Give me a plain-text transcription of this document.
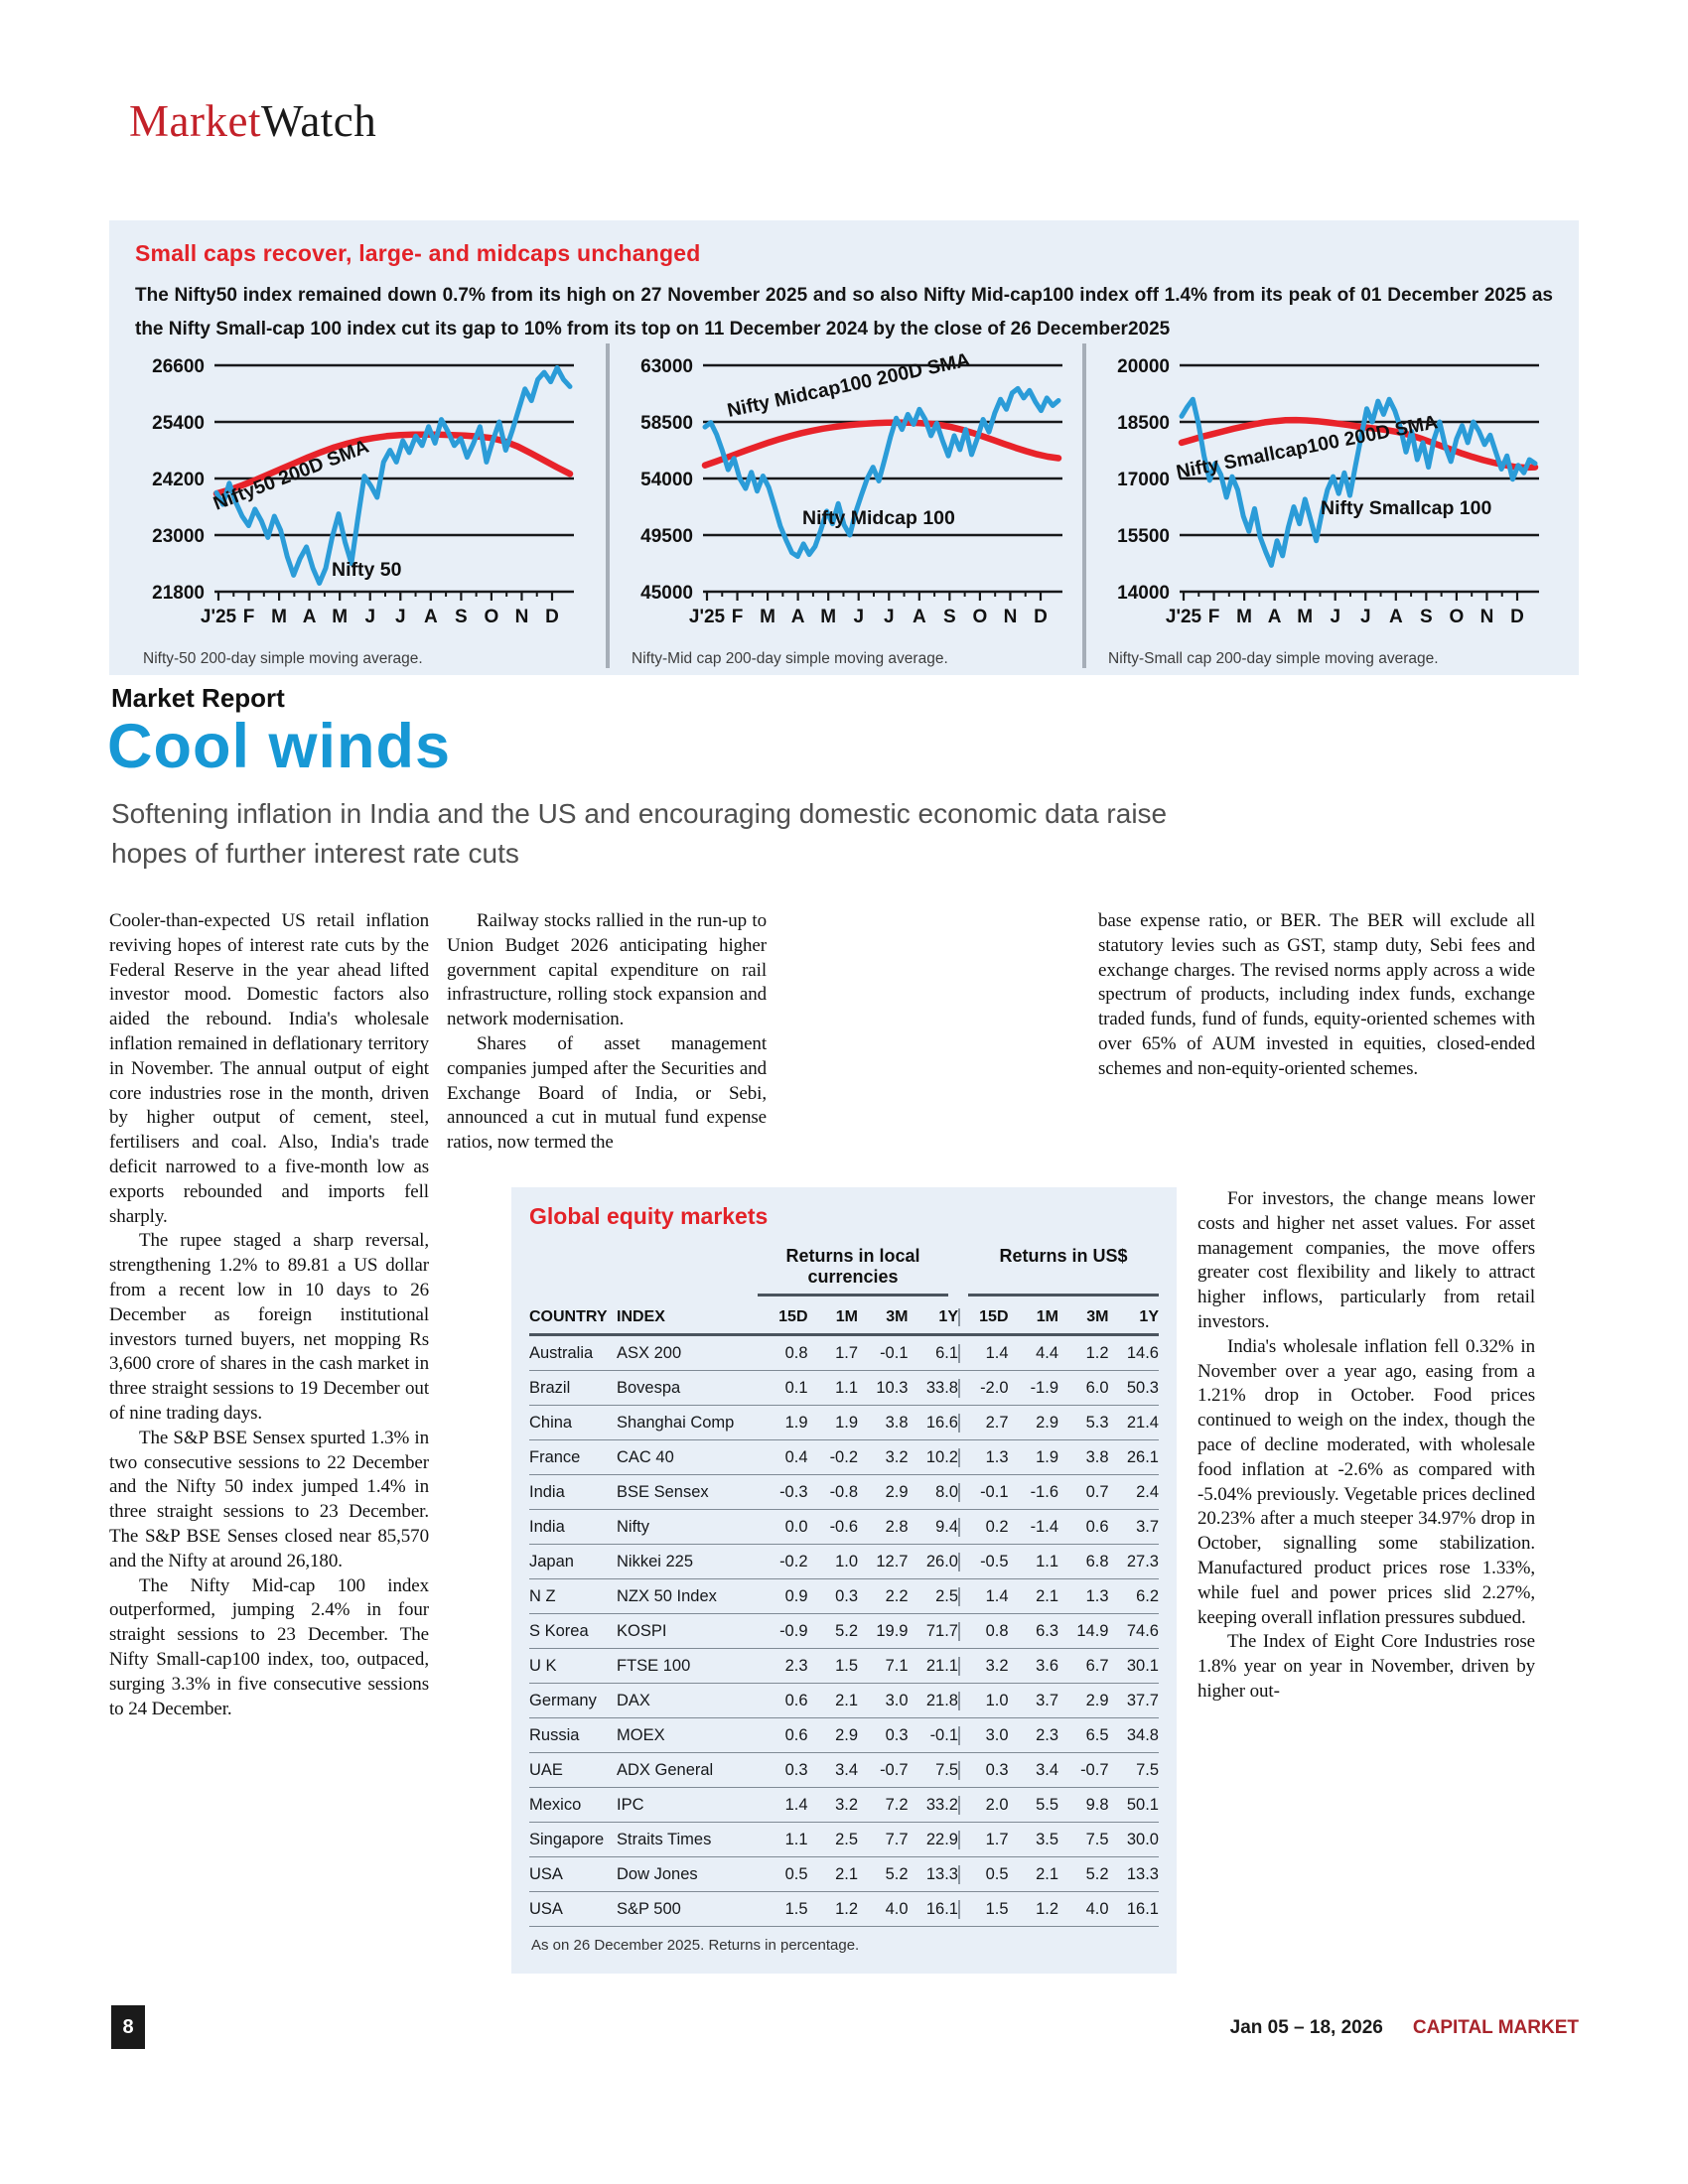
MarketWatch
Small caps recover, large- and midcaps unchanged
The Nifty50 index remained down 0.7% from its high on 27 November 2025 and so also Nifty Mid-cap100 index off 1.4% from its peak of 01 December 2025 as the Nifty Small-cap 100 index cut its gap to 10% from its top on 11 December 2024 by the close of 26 December2025
26600
25400
24200
23000
21800
J'25 F M A M J J A S O N D
Nifty50 200D SMA
Nifty 50
Nifty-50 200-day simple moving average.
63000
58500
54000
49500
45000
J'25 F M A M J J A S O N D
Nifty Midcap100 200D SMA
Nifty Midcap 100
Nifty-Mid cap 200-day simple moving average.
20000
18500
17000
15500
14000
J'25 F M A M J J A S O N D
Nifty Smallcap100 200D SMA
Nifty Smallcap 100
Nifty-Small cap 200-day simple moving average.
Market Report
Cool winds
Softening inflation in India and the US and encouraging domestic economic data raise hopes of further interest rate cuts

Cooler-than-expected US retail inflation reviving hopes of interest rate cuts by the Federal Reserve in the year ahead lifted investor mood. Domestic factors also aided the rebound. India's wholesale inflation remained in deflationary territory in November. The annual output of eight core industries rose in the month, driven by higher output of cement, steel, fertilisers and coal. Also, India's trade deficit narrowed to a five-month low as exports rebounded and imports fell sharply.

The rupee staged a sharp reversal, strengthening 1.2% to 89.81 a US dollar from a recent low in 10 days to 26 December as foreign institutional investors turned buyers, net mopping Rs 3,600 crore of shares in the cash market in three straight sessions to 19 December out of nine trading days.

The S&P BSE Sensex spurted 1.3% in two consecutive sessions to 22 December and the Nifty 50 index jumped 1.4% in three straight sessions to 23 December. The S&P BSE Senses closed near 85,570 and the Nifty at around 26,180.

The Nifty Mid-cap 100 index outperformed, jumping 2.4% in four straight sessions to 23 December. The Nifty Small-cap100 index, too, outpaced, surging 3.3% in five consecutive sessions to 24 December.

Railway stocks rallied in the run-up to Union Budget 2026 anticipating higher government capital expenditure on rail infrastructure, rolling stock expansion and network modernisation.

Shares of asset management companies jumped after the Securities and Exchange Board of India, or Sebi, announced a cut in mutual fund expense ratios, now termed the

base expense ratio, or BER. The BER will exclude all statutory levies such as GST, stamp duty, Sebi fees and exchange charges. The revised norms apply across a wide spectrum of products, including index funds, exchange traded funds, fund of funds, equity-oriented schemes with over 65% of AUM invested in equities, closed-ended schemes and non-equity-oriented schemes.

For investors, the change means lower costs and higher net asset values. For asset management companies, the move offers greater cost flexibility and likely to attract higher inflows, particularly from retail investors.

India's wholesale inflation fell 0.32% in November over a year ago, easing from a 1.21% drop in October. Food prices continued to weigh on the index, though the pace of decline moderated, with wholesale food inflation at -2.6% as compared with -5.04% previously. Vegetable prices declined 20.23% after a much steeper 34.97% drop in October, signalling some stabilization. Manufactured product prices rose 1.33%, while fuel and power prices slid 2.27%, keeping overall inflation pressures subdued.

The Index of Eight Core Industries rose 1.8% year on year in November, driven by higher out-

Global equity markets
Returns in local currencies
Returns in US$
COUNTRY INDEX	15D	1M	3M	1Y	15D	1M	3M	1Y
Australia	ASX 200	0.8	1.7	-0.1	6.1	1.4	4.4	1.2	14.6
Brazil	Bovespa	0.1	1.1	10.3	33.8	-2.0	-1.9	6.0	50.3
China	Shanghai Comp	1.9	1.9	3.8	16.6	2.7	2.9	5.3	21.4
France	CAC 40	0.4	-0.2	3.2	10.2	1.3	1.9	3.8	26.1
India	BSE Sensex	-0.3	-0.8	2.9	8.0	-0.1	-1.6	0.7	2.4
India	Nifty	0.0	-0.6	2.8	9.4	0.2	-1.4	0.6	3.7
Japan	Nikkei 225	-0.2	1.0	12.7	26.0	-0.5	1.1	6.8	27.3
N Z	NZX 50 Index	0.9	0.3	2.2	2.5	1.4	2.1	1.3	6.2
S Korea	KOSPI	-0.9	5.2	19.9	71.7	0.8	6.3	14.9	74.6
U K	FTSE 100	2.3	1.5	7.1	21.1	3.2	3.6	6.7	30.1
Germany	DAX	0.6	2.1	3.0	21.8	1.0	3.7	2.9	37.7
Russia	MOEX	0.6	2.9	0.3	-0.1	3.0	2.3	6.5	34.8
UAE	ADX General	0.3	3.4	-0.7	7.5	0.3	3.4	-0.7	7.5
Mexico	IPC	1.4	3.2	7.2	33.2	2.0	5.5	9.8	50.1
Singapore Straits Times	1.1	2.5	7.7	22.9	1.7	3.5	7.5	30.0
USA	Dow Jones	0.5	2.1	5.2	13.3	0.5	2.1	5.2	13.3
USA	S&P 500	1.5	1.2	4.0	16.1	1.5	1.2	4.0	16.1
As on 26 December 2025. Returns in percentage.
8	Jan 05 – 18, 2026 CAPITAL MARKET
